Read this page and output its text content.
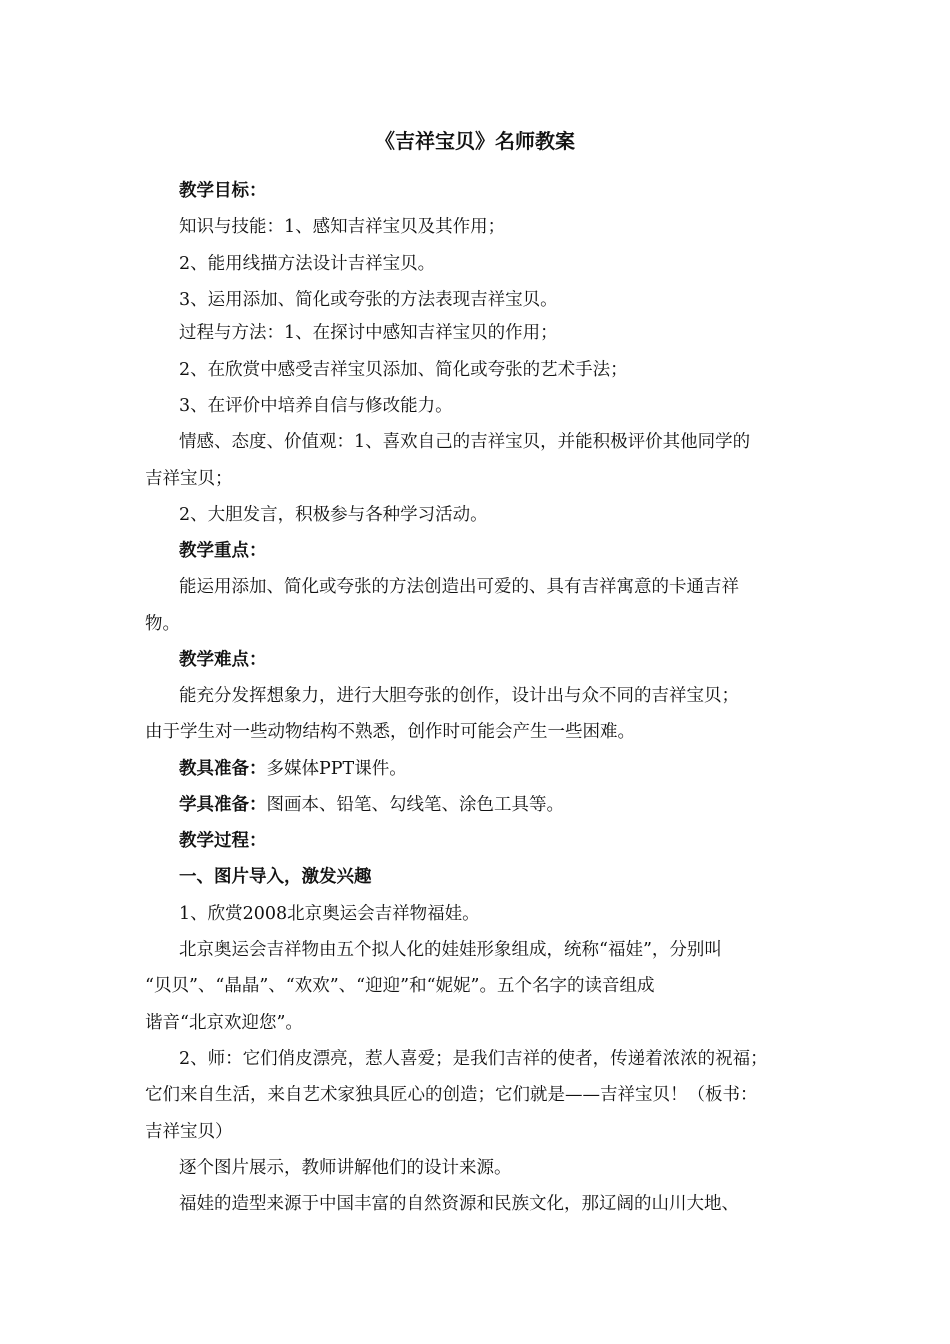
《吉祥宝贝》名师教案
教学目标：
知识与技能：1、感知吉祥宝贝及其作用；
2、能用线描方法设计吉祥宝贝。
3、运用添加、简化或夸张的方法表现吉祥宝贝。
过程与方法：1、在探讨中感知吉祥宝贝的作用；
2、在欣赏中感受吉祥宝贝添加、简化或夸张的艺术手法；
3、在评价中培养自信与修改能力。
情感、态度、价值观：1、喜欢自己的吉祥宝贝，并能积极评价其他同学的
吉祥宝贝；
2、大胆发言，积极参与各种学习活动。
教学重点：
能运用添加、简化或夸张的方法创造出可爱的、具有吉祥寓意的卡通吉祥
物。
教学难点：
能充分发挥想象力，进行大胆夸张的创作，设计出与众不同的吉祥宝贝；
由于学生对一些动物结构不熟悉，创作时可能会产生一些困难。
教具准备：多媒体PPT课件。
学具准备：图画本、铅笔、勾线笔、涂色工具等。
教学过程：
一、图片导入，激发兴趣
1、欣赏2008北京奥运会吉祥物福娃。
北京奥运会吉祥物由五个拟人化的娃娃形象组成，统称“福娃”，分别叫
“贝贝”、“晶晶”、“欢欢”、“迎迎”和“妮妮”。五个名字的读音组成
谐音“北京欢迎您”。
2、师：它们俏皮漂亮，惹人喜爱；是我们吉祥的使者，传递着浓浓的祝福；
它们来自生活，来自艺术家独具匠心的创造；它们就是——吉祥宝贝！（板书：
吉祥宝贝）
逐个图片展示，教师讲解他们的设计来源。
福娃的造型来源于中国丰富的自然资源和民族文化，那辽阔的山川大地、
